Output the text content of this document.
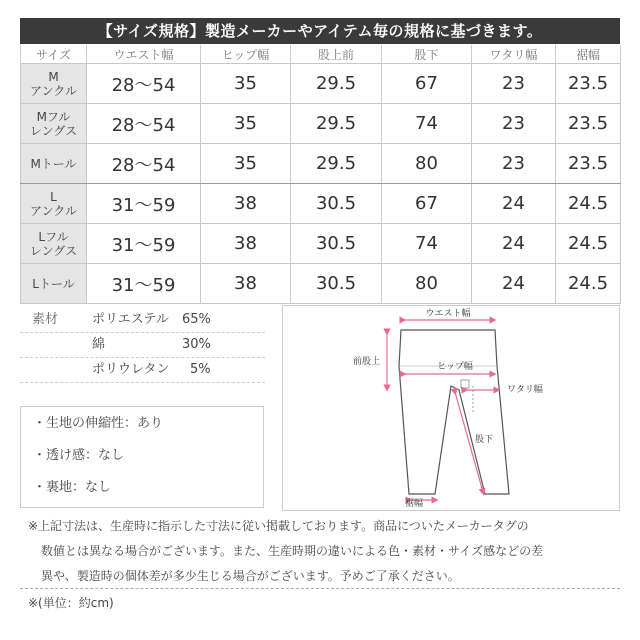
【サイズ規格】製造メーカーやアイテム毎の規格に基づきます。
サイズ	ウエスト幅	ヒップ幅	股上前	股下	ワタリ幅	裾幅

M
アンクル	28〜54	35	29.5	67	23	23.5

Mフル
レングス	28〜54	35	29.5	74	23	23.5

Mトール	28〜54	35	29.5	80	23	23.5

L
アンクル	31〜59	38	30.5	67	24	24.5

Lフル
レングス	31〜59	38	30.5	74	24	24.5

Lトール	31〜59	38	30.5	80	24	24.5
素材	ポリエステル 65%
綿	30%
ポリウレタン 5%
・生地の伸縮性：あり
・透け感：なし
・裏地：なし
ウエスト幅
前股上	ヒップ幅
ワタリ幅
股下
裾幅
※上記寸法は、生産時に指示した寸法に従い掲載しております。商品についたメーカータグの
数値とは異なる場合がございます。また、生産時期の違いによる色・素材・サイズ感などの差
異や、製造時の個体差が多少生じる場合がございます。予めご了承ください。
※(単位：約cm)
